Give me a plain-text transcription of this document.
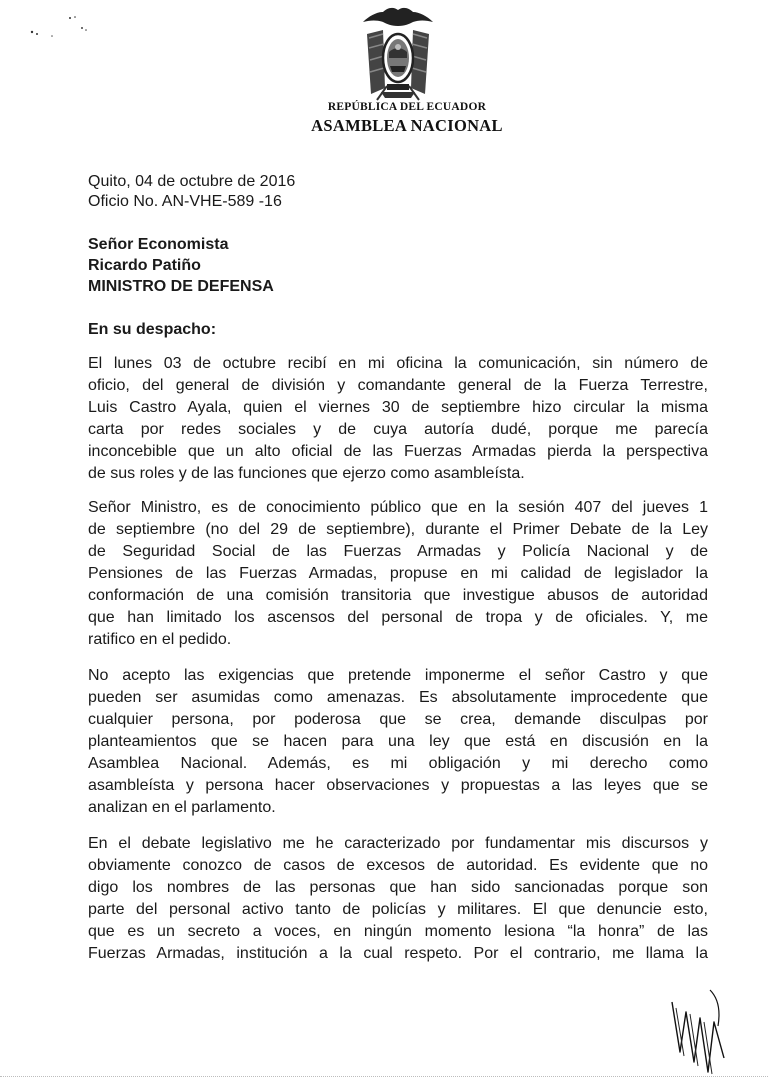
REPÚBLICA DEL ECUADOR
ASAMBLEA NACIONAL
Quito, 04 de octubre de 2016
Oficio No. AN-VHE-589 -16
Señor Economista
Ricardo Patiño
MINISTRO DE DEFENSA
En su despacho:
El lunes 03 de octubre recibí en mi oficina la comunicación, sin número de
oficio, del general de división y comandante general de la Fuerza Terrestre,
Luis Castro Ayala, quien el viernes 30 de septiembre hizo circular la misma
carta por redes sociales y de cuya autoría dudé, porque me parecía
inconcebible que un alto oficial de las Fuerzas Armadas pierda la perspectiva
de sus roles y de las funciones que ejerzo como asambleísta.
Señor Ministro, es de conocimiento público que en la sesión 407 del jueves 1
de septiembre (no del 29 de septiembre), durante el Primer Debate de la Ley
de Seguridad Social de las Fuerzas Armadas y Policía Nacional y de
Pensiones de las Fuerzas Armadas, propuse en mi calidad de legislador la
conformación de una comisión transitoria que investigue abusos de autoridad
que han limitado los ascensos del personal de tropa y de oficiales. Y, me
ratifico en el pedido.
No acepto las exigencias que pretende imponerme el señor Castro y que
pueden ser asumidas como amenazas. Es absolutamente improcedente que
cualquier persona, por poderosa que se crea, demande disculpas por
planteamientos que se hacen para una ley que está en discusión en la
Asamblea Nacional. Además, es mi obligación y mi derecho como
asambleísta y persona hacer observaciones y propuestas a las leyes que se
analizan en el parlamento.
En el debate legislativo me he caracterizado por fundamentar mis discursos y
obviamente conozco de casos de excesos de autoridad. Es evidente que no
digo los nombres de las personas que han sido sancionadas porque son
parte del personal activo tanto de policías y militares. El que denuncie esto,
que es un secreto a voces, en ningún momento lesiona “la honra” de las
Fuerzas Armadas, institución a la cual respeto. Por el contrario, me llama la
